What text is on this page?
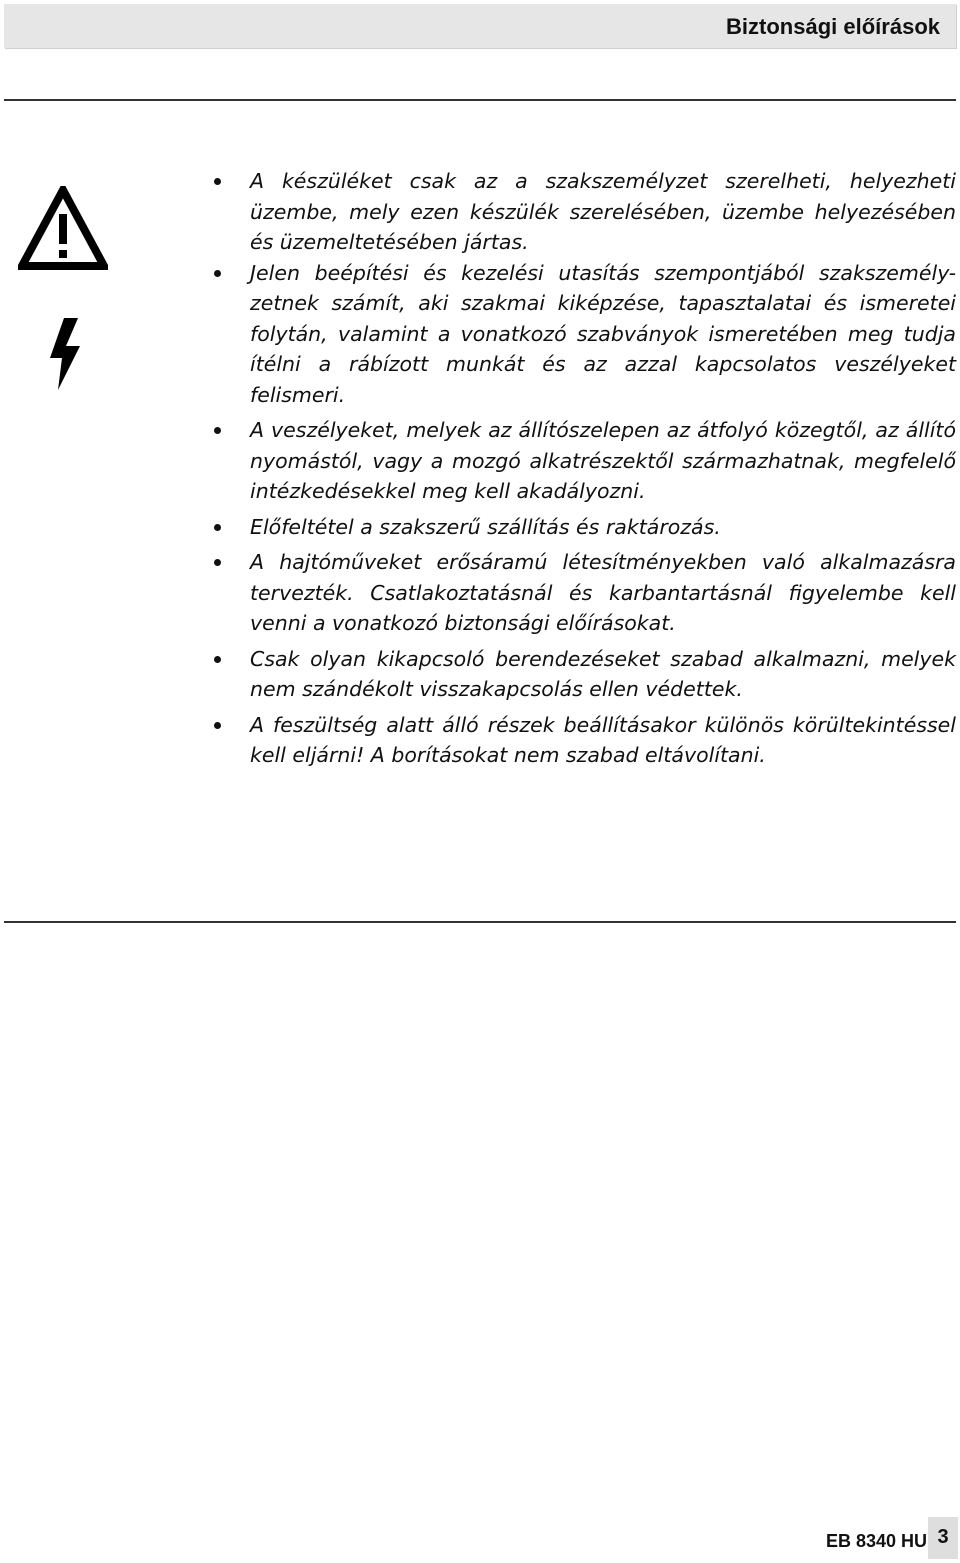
Biztonsági előírások
A készüléket csak az a szakszemélyzet szerelheti, helyezheti üzembe, mely ezen készülék szerelésében, üzembe helyezésében és üzemeltetésében jártas.
Jelen beépítési és kezelési utasítás szempontjából szakszemély-zetnek számít, aki szakmai kiképzése, tapasztalatai és ismeretei folytán, valamint a vonatkozó szabványok ismeretében meg tudja ítélni a rábízott munkát és az azzal kapcsolatos veszélyeket felismeri.
A veszélyeket, melyek az állítószelepen az átfolyó közegtől, az állító nyomástól, vagy a mozgó alkatrészektől származhatnak, megfelelő intézkedésekkel meg kell akadályozni.
Előfeltétel a szakszerű szállítás és raktározás.
A hajtóműveket erősáramú létesítményekben való alkalmazásra tervezték. Csatlakoztatásnál és karbantartásnál figyelembe kell venni a vonatkozó biztonsági előírásokat.
Csak olyan kikapcsoló berendezéseket szabad alkalmazni, melyek nem szándékolt visszakapcsolás ellen védettek.
A feszültség alatt álló részek beállításakor különös körültekintéssel kell eljárni! A borításokat nem szabad eltávolítani.
EB 8340 HU 3
